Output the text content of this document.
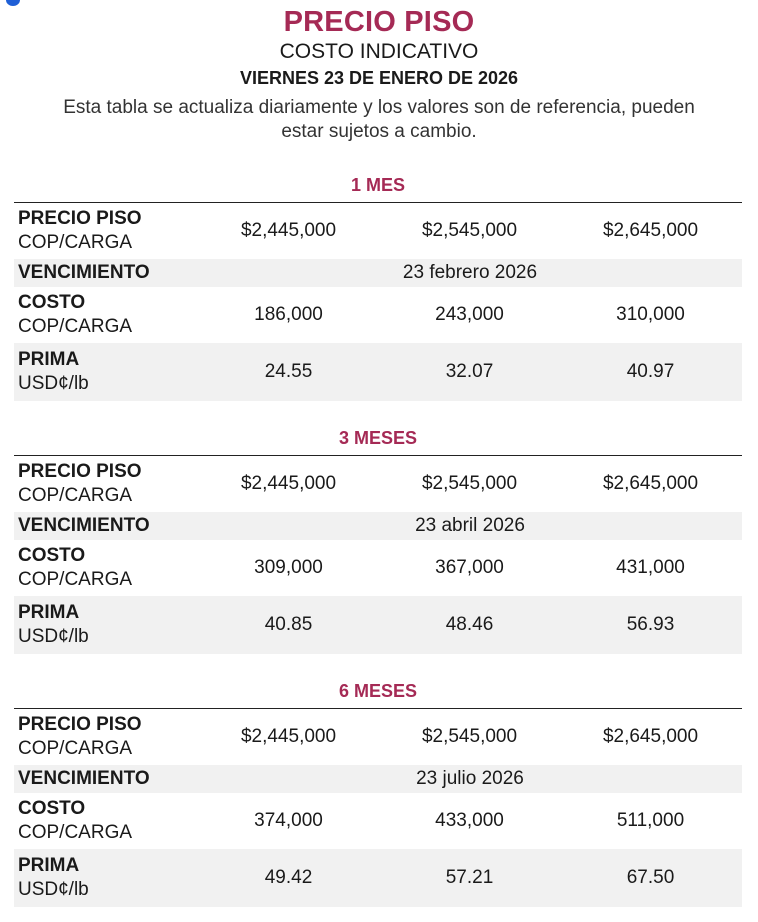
PRECIO PISO
COSTO INDICATIVO
VIERNES 23 DE ENERO DE 2026
Esta tabla se actualiza diariamente y los valores son de referencia, pueden estar sujetos a cambio.
1 MES
PRECIO PISO
COP/CARGA
$2,445,000	$2,545,000	$2,645,000
VENCIMIENTO	23 febrero 2026
COSTO
COP/CARGA
186,000	243,000	310,000
PRIMA
USD¢/lb
24.55	32.07	40.97
3 MESES
PRECIO PISO
COP/CARGA
$2,445,000	$2,545,000	$2,645,000
VENCIMIENTO	23 abril 2026
COSTO
COP/CARGA
309,000	367,000	431,000
PRIMA
USD¢/lb
40.85	48.46	56.93
6 MESES
PRECIO PISO
COP/CARGA
$2,445,000	$2,545,000	$2,645,000
VENCIMIENTO	23 julio 2026
COSTO
COP/CARGA
374,000	433,000	511,000
PRIMA
USD¢/lb
49.42	57.21	67.50
